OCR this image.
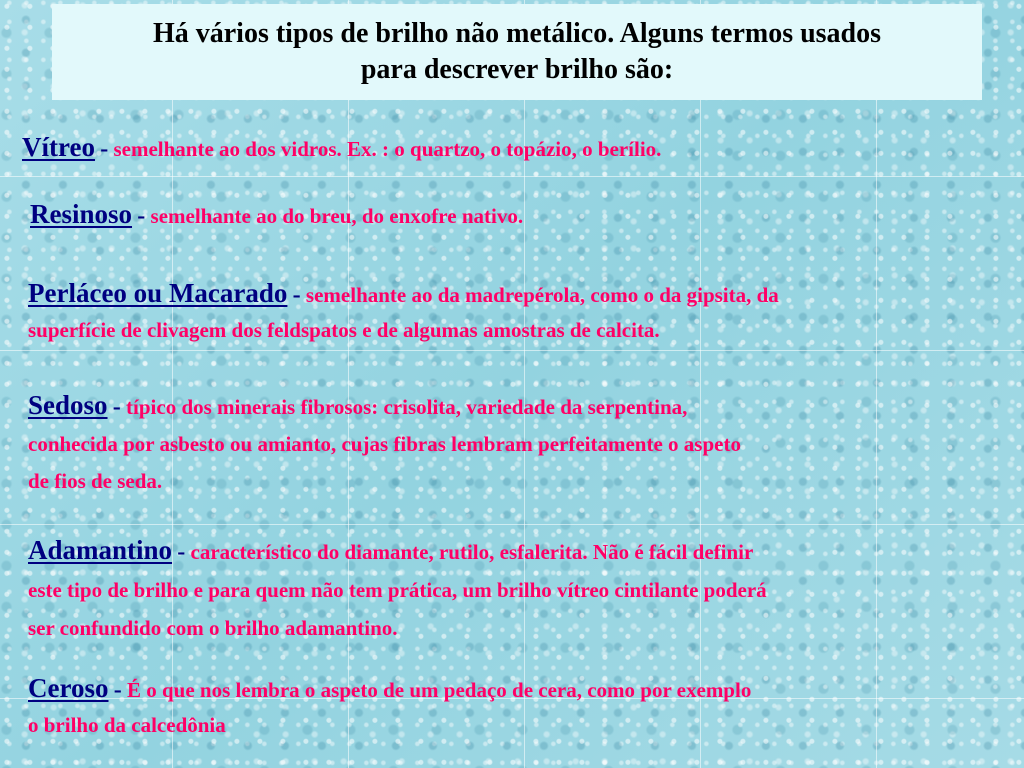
Há vários tipos de brilho não metálico. Alguns termos usados
para descrever brilho são:
Vítreo - semelhante ao dos vidros. Ex. : o quartzo, o topázio, o berílio.
Resinoso - semelhante ao do breu, do enxofre nativo.
Perláceo ou Macarado - semelhante ao da madrepérola, como o da gipsita, da
superfície de clivagem dos feldspatos e de algumas amostras de calcita.
Sedoso - típico dos minerais fibrosos: crisolita, variedade da serpentina,
conhecida por asbesto ou amianto, cujas fibras lembram perfeitamente o aspeto
de fios de seda.
Adamantino - característico do diamante, rutilo, esfalerita. Não é fácil definir
este tipo de brilho e para quem não tem prática, um brilho vítreo cintilante poderá
ser confundido com o brilho adamantino.
Ceroso - É o que nos lembra o aspeto de um pedaço de cera, como por exemplo
o brilho da calcedônia
